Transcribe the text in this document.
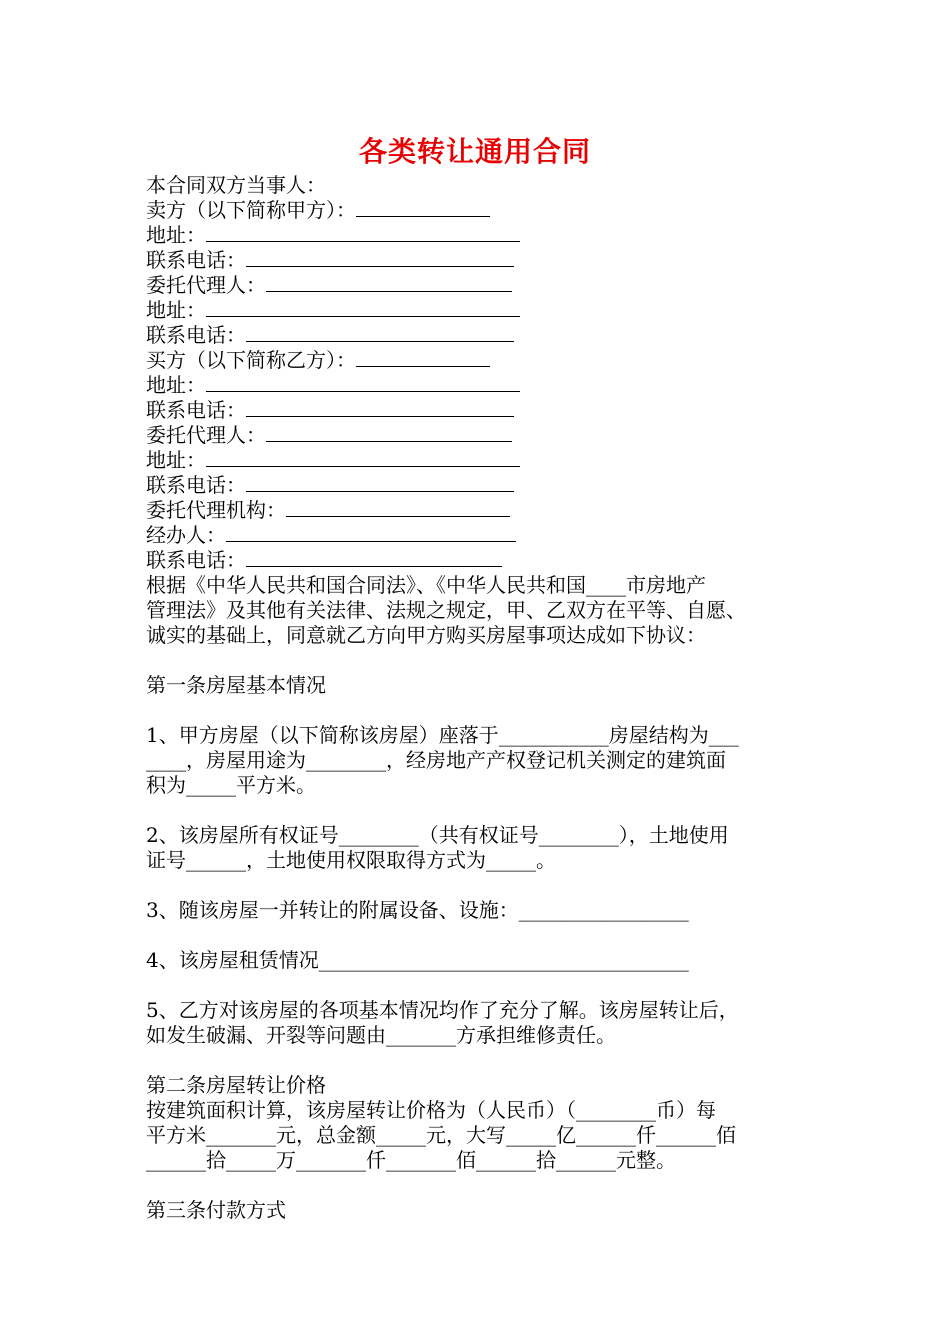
各类转让通用合同
本合同双方当事人：
卖方（以下简称甲方）：
地址：
联系电话：
委托代理人：
地址：
联系电话：
买方（以下简称乙方）：
地址：
联系电话：
委托代理人：
地址：
联系电话：
委托代理机构：
经办人：
联系电话：
根据《中华人民共和国合同法》、《中华人民共和国____市房地产
管理法》及其他有关法律、法规之规定，甲、乙双方在平等、自愿、
诚实的基础上，同意就乙方向甲方购买房屋事项达成如下协议：
第一条房屋基本情况
1、甲方房屋（以下简称该房屋）座落于___________房屋结构为___
____，房屋用途为________，经房地产产权登记机关测定的建筑面
积为_____平方米。
2、该房屋所有权证号________（共有权证号________），土地使用
证号______，土地使用权限取得方式为_____。
3、随该房屋一并转让的附属设备、设施：_________________
4、该房屋租赁情况_____________________________________
5、乙方对该房屋的各项基本情况均作了充分了解。该房屋转让后，
如发生破漏、开裂等问题由_______方承担维修责任。
第二条房屋转让价格
按建筑面积计算，该房屋转让价格为（人民币）（________币）每
平方米_______元，总金额_____元，大写_____亿______仟______佰
______拾_____万_______仟_______佰______拾______元整。
第三条付款方式
